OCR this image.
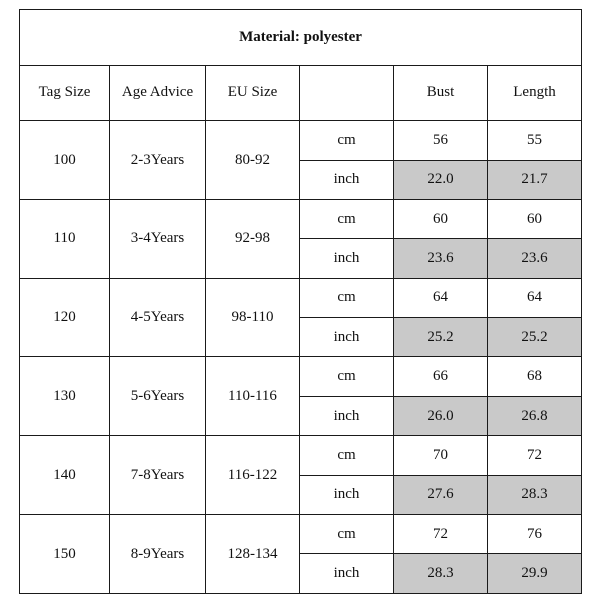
Material: polyester					
Tag Size	Age Advice	EU Size		Bust	Length
100	2-3Years	80-92	cm	56	55
			inch	22.0	21.7
110	3-4Years	92-98	cm	60	60
			inch	23.6	23.6
120	4-5Years	98-110	cm	64	64
			inch	25.2	25.2
130	5-6Years	110-116	cm	66	68
			inch	26.0	26.8
140	7-8Years	116-122	cm	70	72
			inch	27.6	28.3
150	8-9Years	128-134	cm	72	76
			inch	28.3	29.9
